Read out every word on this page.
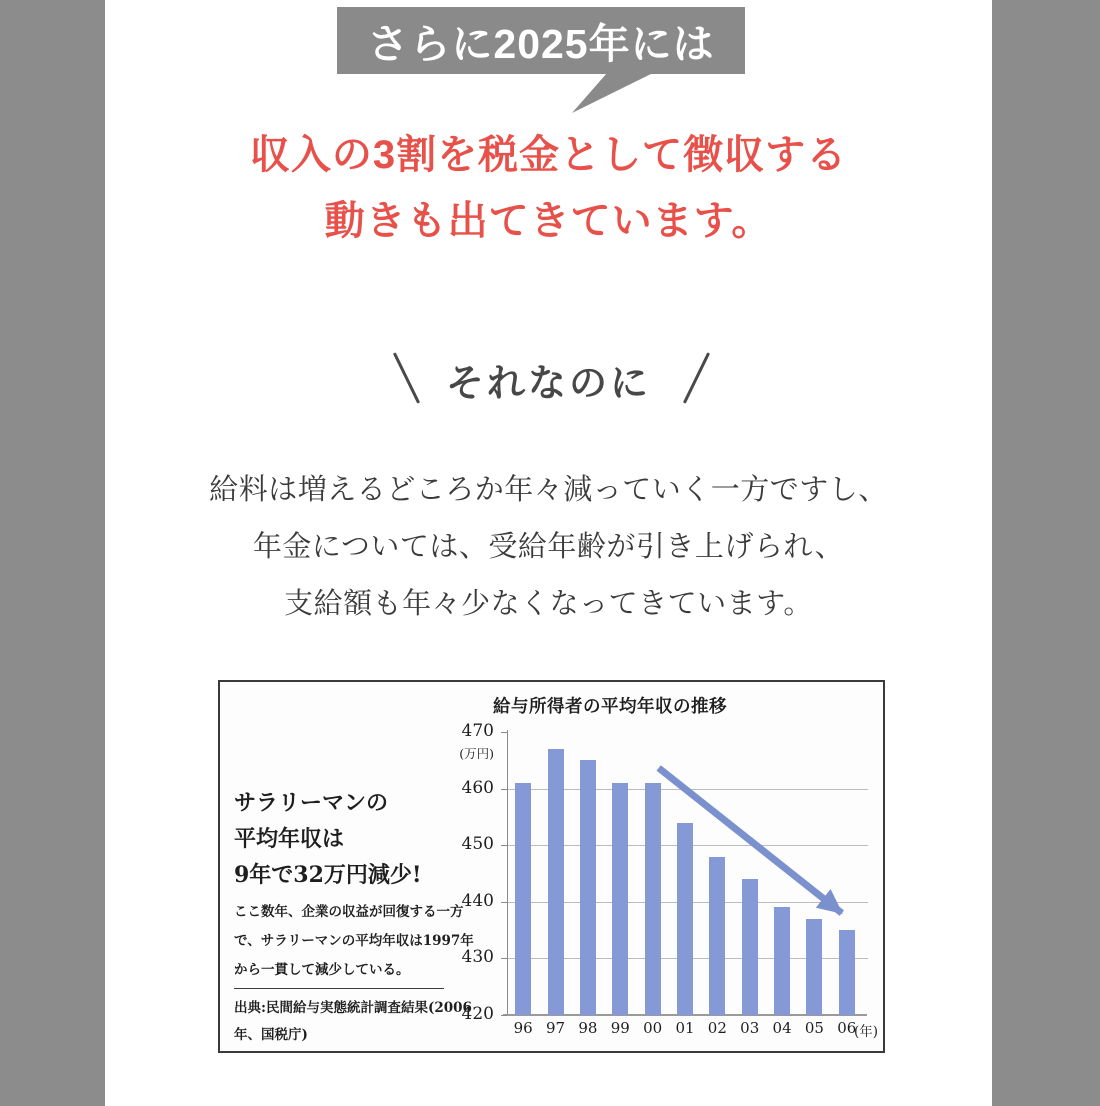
さらに2025年には
収入の3割を税金として徴収する
動きも出てきています。
それなのに
給料は増えるどころか年々減っていく一方ですし、
年金については、受給年齢が引き上げられ、
支給額も年々少なくなってきています。
サラリーマンの
平均年収は
9年で32万円減少!
ここ数年、企業の収益が回復する一方
で、サラリーマンの平均年収は1997年
から一貫して減少している。
出典:民間給与実態統計調査結果(2006
年、国税庁)
給与所得者の平均年収の推移
(万円)
(年)
470
460
450
440
430
420
96 97 98 99 00 01 02 03 04 05 06
